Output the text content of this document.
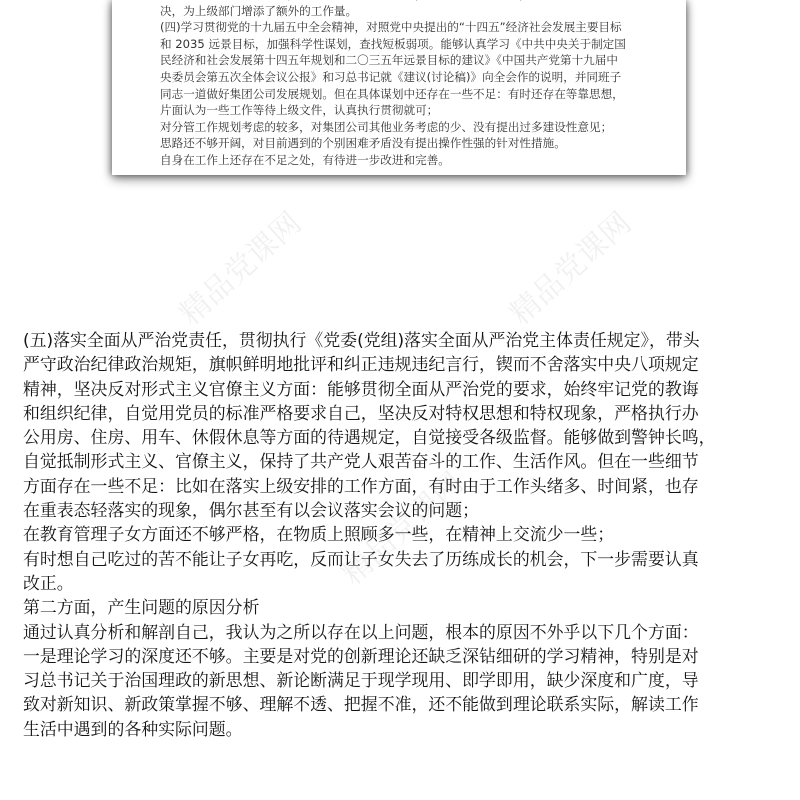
决，为上级部门增添了额外的工作量。

(四)学习贯彻党的十九届五中全会精神，对照党中央提出的“十四五”经济社会发展主要目标

和 2035 远景目标，加强科学性谋划，查找短板弱项。能够认真学习《中共中央关于制定国

民经济和社会发展第十四五年规划和二〇三五年远景目标的建议》《中国共产党第十九届中

央委员会第五次全体会议公报》和习总书记就《建议(讨论稿)》向全会作的说明，并同班子

同志一道做好集团公司发展规划。但在具体谋划中还存在一些不足：有时还存在等靠思想，

片面认为一些工作等待上级文件，认真执行贯彻就可；

对分管工作规划考虑的较多，对集团公司其他业务考虑的少、没有提出过多建设性意见；

思路还不够开阔，对目前遇到的个别困难矛盾没有提出操作性强的针对性措施。

自身在工作上还存在不足之处，有待进一步改进和完善。

精品党课网	精品党课网
精品党课网

(五)落实全面从严治党责任，贯彻执行《党委(党组)落实全面从严治党主体责任规定》，带头

严守政治纪律政治规矩，旗帜鲜明地批评和纠正违规违纪言行，锲而不舍落实中央八项规定

精神，坚决反对形式主义官僚主义方面：能够贯彻全面从严治党的要求，始终牢记党的教诲

和组织纪律，自觉用党员的标准严格要求自己，坚决反对特权思想和特权现象，严格执行办

公用房、住房、用车、休假休息等方面的待遇规定，自觉接受各级监督。能够做到警钟长鸣，

自觉抵制形式主义、官僚主义，保持了共产党人艰苦奋斗的工作、生活作风。但在一些细节

方面存在一些不足：比如在落实上级安排的工作方面，有时由于工作头绪多、时间紧，也存

在重表态轻落实的现象，偶尔甚至有以会议落实会议的问题；

在教育管理子女方面还不够严格，在物质上照顾多一些，在精神上交流少一些；

有时想自己吃过的苦不能让子女再吃，反而让子女失去了历练成长的机会，下一步需要认真

改正。

第二方面，产生问题的原因分析

通过认真分析和解剖自己，我认为之所以存在以上问题，根本的原因不外乎以下几个方面：

一是理论学习的深度还不够。主要是对党的创新理论还缺乏深钻细研的学习精神，特别是对

习总书记关于治国理政的新思想、新论断满足于现学现用、即学即用，缺少深度和广度，导

致对新知识、新政策掌握不够、理解不透、把握不准，还不能做到理论联系实际，解读工作

生活中遇到的各种实际问题。
